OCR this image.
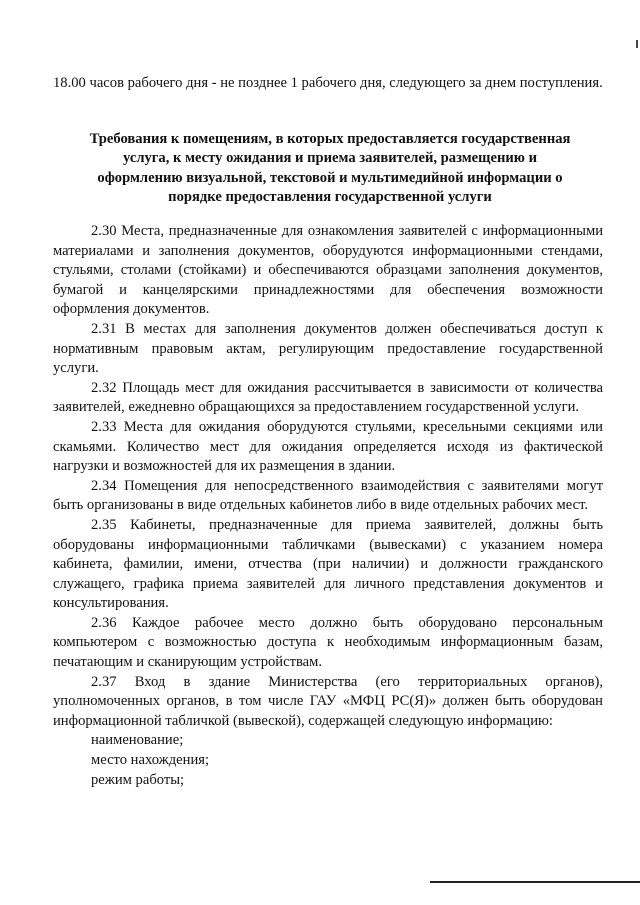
18.00 часов рабочего дня - не позднее 1 рабочего дня, следующего за днем поступления.

Требования к помещениям, в которых предоставляется государственная услуга, к месту ожидания и приема заявителей, размещению и оформлению визуальной, текстовой и мультимедийной информации о порядке предоставления государственной услуги

2.30 Места, предназначенные для ознакомления заявителей с информационными материалами и заполнения документов, оборудуются информационными стендами, стульями, столами (стойками) и обеспечиваются образцами заполнения документов, бумагой и канцелярскими принадлежностями для обеспечения возможности оформления документов.

2.31 В местах для заполнения документов должен обеспечиваться доступ к нормативным правовым актам, регулирующим предоставление государственной услуги.

2.32 Площадь мест для ожидания рассчитывается в зависимости от количества заявителей, ежедневно обращающихся за предоставлением государственной услуги.

2.33 Места для ожидания оборудуются стульями, кресельными секциями или скамьями. Количество мест для ожидания определяется исходя из фактической нагрузки и возможностей для их размещения в здании.

2.34 Помещения для непосредственного взаимодействия с заявителями могут быть организованы в виде отдельных кабинетов либо в виде отдельных рабочих мест.

2.35 Кабинеты, предназначенные для приема заявителей, должны быть оборудованы информационными табличками (вывесками) с указанием номера кабинета, фамилии, имени, отчества (при наличии) и должности гражданского служащего, графика приема заявителей для личного представления документов и консультирования.

2.36 Каждое рабочее место должно быть оборудовано персональным компьютером с возможностью доступа к необходимым информационным базам, печатающим и сканирующим устройствам.

2.37 Вход в здание Министерства (его территориальных органов), уполномоченных органов, в том числе ГАУ «МФЦ РС(Я)» должен быть оборудован информационной табличкой (вывеской), содержащей следующую информацию:

наименование;
место нахождения;
режим работы;
